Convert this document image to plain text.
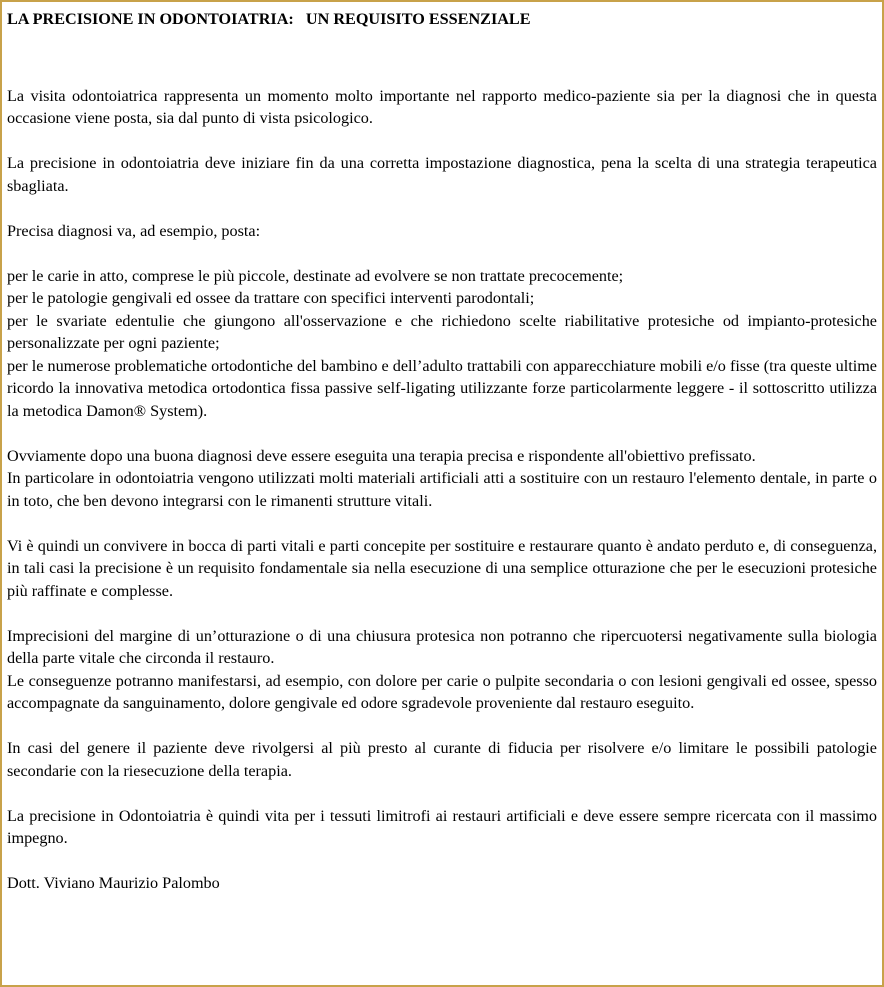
LA PRECISIONE IN ODONTOIATRIA:   UN REQUISITO ESSENZIALE

La visita odontoiatrica rappresenta un momento molto importante nel rapporto medico-paziente sia per la diagnosi che in questa occasione viene posta, sia dal punto di vista psicologico.

La precisione in odontoiatria deve iniziare fin da una corretta impostazione diagnostica, pena la scelta di una strategia terapeutica sbagliata.

Precisa diagnosi va, ad esempio, posta:

per le carie in atto, comprese le più piccole, destinate ad evolvere se non trattate precocemente;

per le patologie gengivali ed ossee da trattare con specifici interventi parodontali;

per le svariate edentulie che giungono all'osservazione e che richiedono scelte riabilitative protesiche od impianto-protesiche personalizzate per ogni paziente;

per le numerose problematiche ortodontiche del bambino e dell’adulto trattabili con apparecchiature mobili e/o fisse (tra queste ultime ricordo la innovativa metodica ortodontica fissa passive self-ligating utilizzante forze particolarmente leggere - il sottoscritto utilizza la metodica Damon® System).

Ovviamente dopo una buona diagnosi deve essere eseguita una terapia precisa e rispondente all'obiettivo prefissato.

In particolare in odontoiatria vengono utilizzati molti materiali artificiali atti a sostituire con un restauro l'elemento dentale, in parte o in toto, che ben devono integrarsi con le rimanenti strutture vitali.

Vi è quindi un convivere in bocca di parti vitali e parti concepite per sostituire e restaurare quanto è andato perduto e, di conseguenza, in tali casi la precisione è un requisito fondamentale sia nella esecuzione di una semplice otturazione che per le esecuzioni protesiche più raffinate e complesse.

Imprecisioni del margine di un’otturazione o di una chiusura protesica non potranno che ripercuotersi negativamente sulla biologia della parte vitale che circonda il restauro.

Le conseguenze potranno manifestarsi, ad esempio, con dolore per carie o pulpite secondaria o con lesioni gengivali ed ossee, spesso accompagnate da sanguinamento, dolore gengivale ed odore sgradevole proveniente dal restauro eseguito.

In casi del genere il paziente deve rivolgersi al più presto al curante di fiducia per risolvere e/o limitare le possibili patologie secondarie con la riesecuzione della terapia.

La precisione in Odontoiatria è quindi vita per i tessuti limitrofi ai restauri artificiali e deve essere sempre ricercata con il massimo impegno.

Dott. Viviano Maurizio Palombo
